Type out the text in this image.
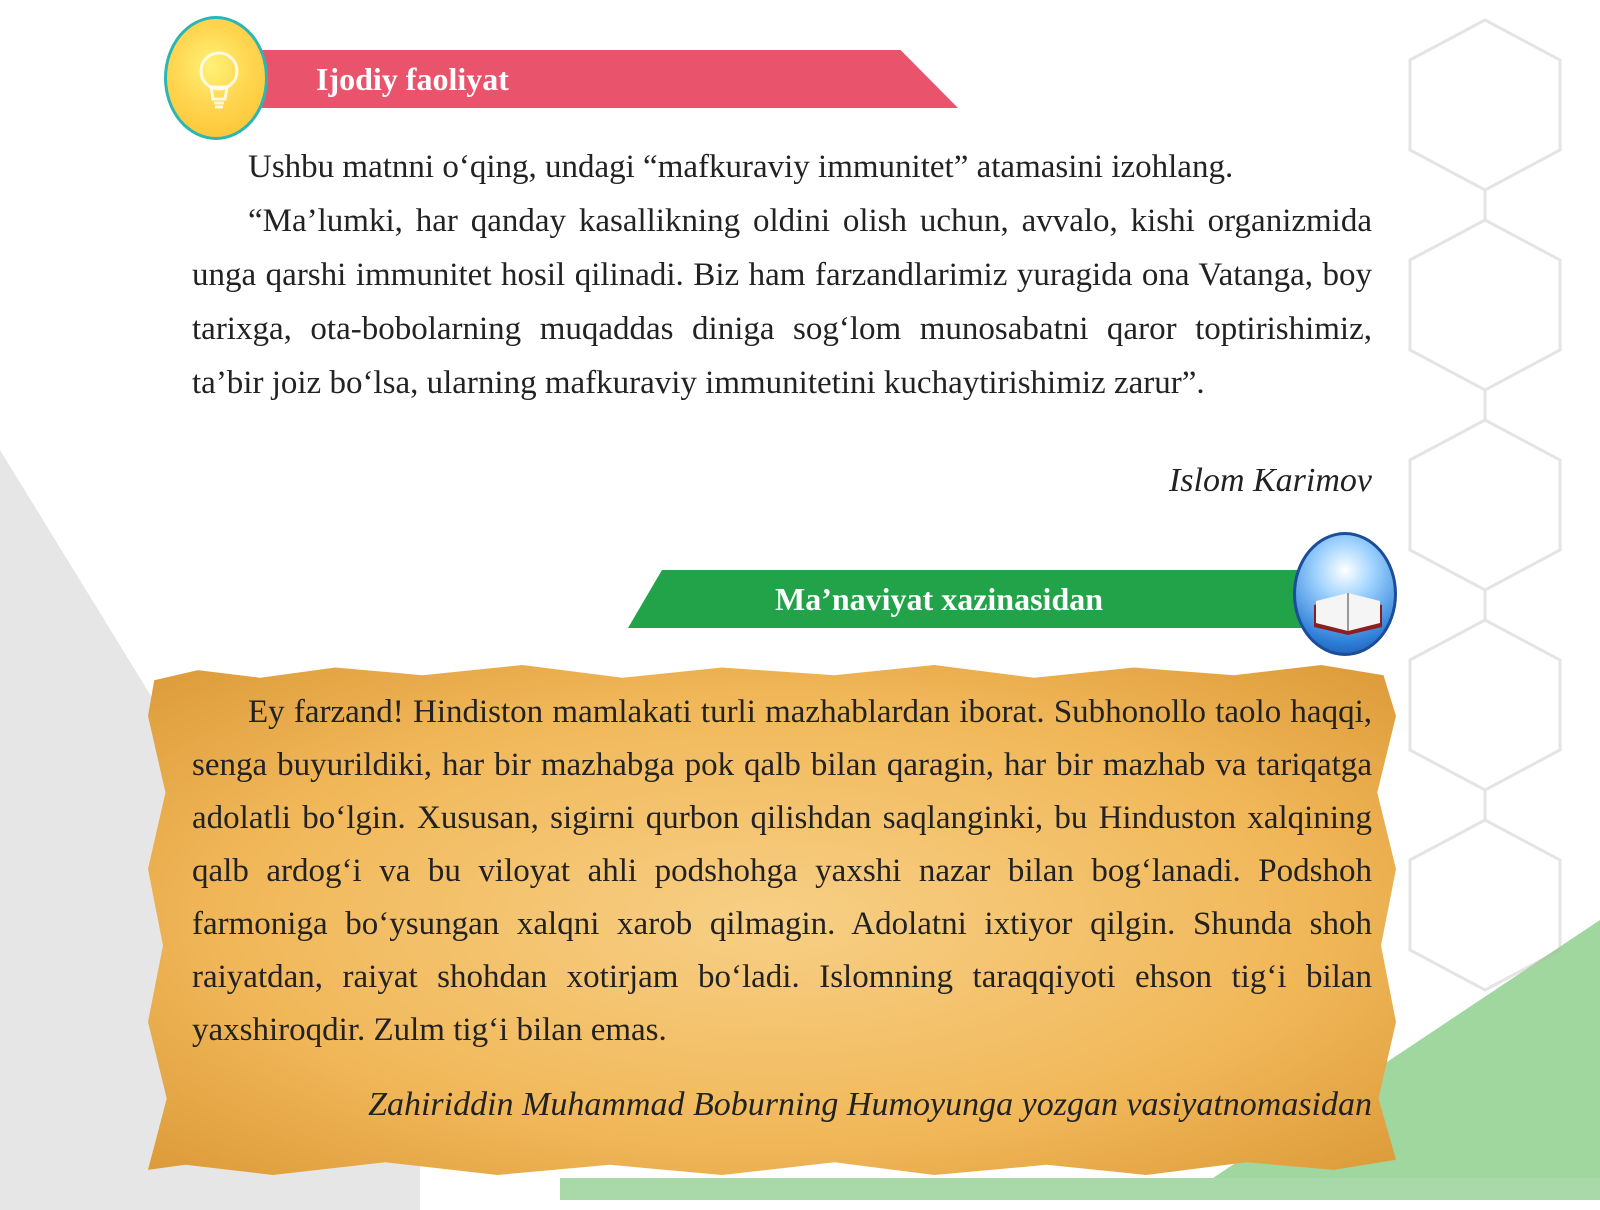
Ijodiy faoliyat

Ushbu matnni o‘qing, undagi “mafkuraviy immunitet” atamasini izohlang.

“Ma’lumki, har qanday kasallikning oldini olish uchun, avvalo, kishi organizmida unga qarshi immunitet hosil qilinadi. Biz ham farzandlarimiz yuragida ona Vatanga, boy tarixga, ota-bobolarning muqaddas diniga sog‘lom munosabatni qaror toptirishimiz, ta’bir joiz bo‘lsa, ularning mafkuraviy immunitetini kuchaytirishimiz zarur”.

Islom Karimov
Ma’naviyat xazinasidan

Ey farzand! Hindiston mamlakati turli mazhablardan iborat. Subhonollo taolo haqqi, senga buyurildiki, har bir mazhabga pok qalb bilan qaragin, har bir mazhab va tariqatga adolatli bo‘lgin. Xususan, sigirni qurbon qilishdan saqlanginki, bu Hinduston xalqining qalb ardog‘i va bu viloyat ahli podshohga yaxshi nazar bilan bog‘lanadi. Podshoh farmoniga bo‘ysungan xalqni xarob qilmagin. Adolatni ixtiyor qilgin. Shunda shoh raiyatdan, raiyat shohdan xotirjam bo‘ladi. Islomning taraqqiyoti ehson tig‘i bilan yaxshiroqdir. Zulm tig‘i bilan emas.

Zahiriddin Muhammad Boburning Humoyunga yozgan vasiyatnomasidan
